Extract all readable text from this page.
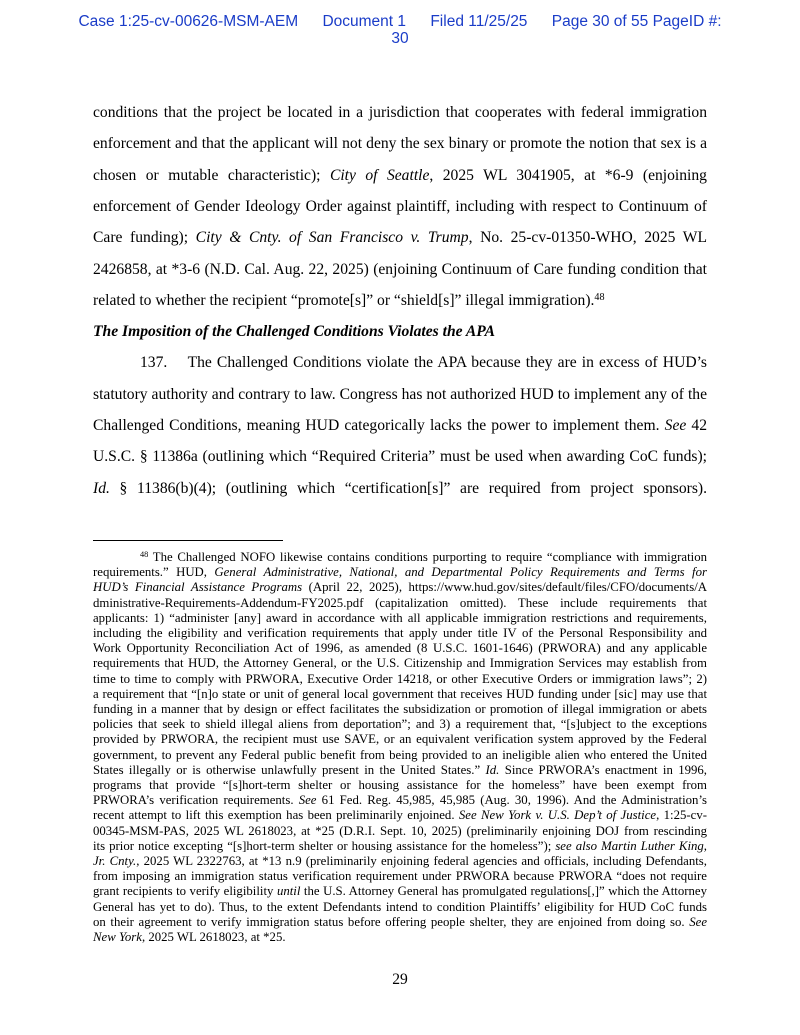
Case 1:25-cv-00626-MSM-AEM Document 1 Filed 11/25/25 Page 30 of 55 PageID #:
30
conditions that the project be located in a jurisdiction that cooperates with federal immigration
enforcement and that the applicant will not deny the sex binary or promote the notion that sex is a
chosen or mutable characteristic); City of Seattle, 2025 WL 3041905, at *6-9 (enjoining
enforcement of Gender Ideology Order against plaintiff, including with respect to Continuum of
Care funding); City & Cnty. of San Francisco v. Trump, No. 25-cv-01350-WHO, 2025 WL
2426858, at *3-6 (N.D. Cal. Aug. 22, 2025) (enjoining Continuum of Care funding condition that
related to whether the recipient “promote[s]” or “shield[s]” illegal immigration).$^{48}$
The Imposition of the Challenged Conditions Violates the APA
137.    The Challenged Conditions violate the APA because they are in excess of HUD’s
statutory authority and contrary to law. Congress has not authorized HUD to implement any of the
Challenged Conditions, meaning HUD categorically lacks the power to implement them. See 42
U.S.C. § 11386a (outlining which “Required Criteria” must be used when awarding CoC funds);
Id. § 11386(b)(4); (outlining which “certification[s]” are required from project sponsors).
$^{48}$ The Challenged NOFO likewise contains conditions purporting to require “compliance with immigration
requirements.” HUD, General Administrative, National, and Departmental Policy Requirements and Terms for
HUD’s Financial Assistance Programs (April 22, 2025), https://www.hud.gov/sites/default/files/CFO/documents/A
dministrative-Requirements-Addendum-FY2025.pdf (capitalization omitted). These include requirements that
applicants: 1) “administer [any] award in accordance with all applicable immigration restrictions and requirements,
including the eligibility and verification requirements that apply under title IV of the Personal Responsibility and
Work Opportunity Reconciliation Act of 1996, as amended (8 U.S.C. 1601-1646) (PRWORA) and any applicable
requirements that HUD, the Attorney General, or the U.S. Citizenship and Immigration Services may establish from
time to time to comply with PRWORA, Executive Order 14218, or other Executive Orders or immigration laws”; 2)
a requirement that “[n]o state or unit of general local government that receives HUD funding under [sic] may use that
funding in a manner that by design or effect facilitates the subsidization or promotion of illegal immigration or abets
policies that seek to shield illegal aliens from deportation”; and 3) a requirement that, “[s]ubject to the exceptions
provided by PRWORA, the recipient must use SAVE, or an equivalent verification system approved by the Federal
government, to prevent any Federal public benefit from being provided to an ineligible alien who entered the United
States illegally or is otherwise unlawfully present in the United States.” Id. Since PRWORA’s enactment in 1996,
programs that provide “[s]hort-term shelter or housing assistance for the homeless” have been exempt from
PRWORA’s verification requirements. See 61 Fed. Reg. 45,985, 45,985 (Aug. 30, 1996). And the Administration’s
recent attempt to lift this exemption has been preliminarily enjoined. See New York v. U.S. Dep’t of Justice, 1:25-cv-
00345-MSM-PAS, 2025 WL 2618023, at *25 (D.R.I. Sept. 10, 2025) (preliminarily enjoining DOJ from rescinding
its prior notice excepting “[s]hort-term shelter or housing assistance for the homeless”); see also Martin Luther King,
Jr. Cnty., 2025 WL 2322763, at *13 n.9 (preliminarily enjoining federal agencies and officials, including Defendants,
from imposing an immigration status verification requirement under PRWORA because PRWORA “does not require
grant recipients to verify eligibility until the U.S. Attorney General has promulgated regulations[,]” which the Attorney
General has yet to do). Thus, to the extent Defendants intend to condition Plaintiffs’ eligibility for HUD CoC funds
on their agreement to verify immigration status before offering people shelter, they are enjoined from doing so. See
New York, 2025 WL 2618023, at *25.
29
